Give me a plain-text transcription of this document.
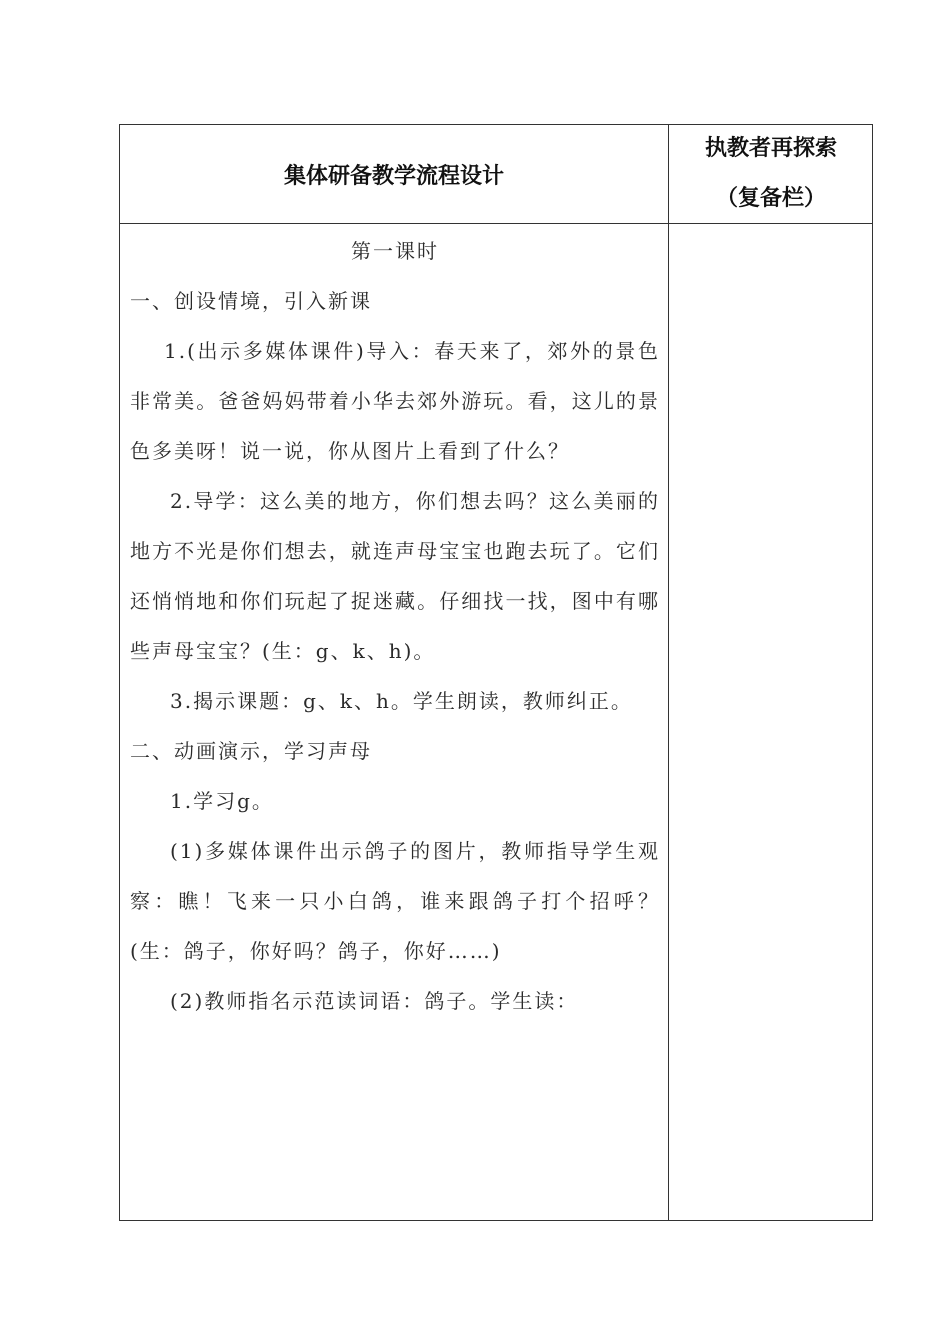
集体研备教学流程设计
执教者再探索
（复备栏）

第一课时

一、创设情境，引入新课

1.(出示多媒体课件)导入：春天来了，郊外的景色非常美。爸爸妈妈带着小华去郊外游玩。看，这儿的景色多美呀！说一说，你从图片上看到了什么？

2.导学：这么美的地方，你们想去吗？这么美丽的地方不光是你们想去，就连声母宝宝也跑去玩了。它们还悄悄地和你们玩起了捉迷藏。仔细找一找，图中有哪些声母宝宝？(生：g、k、h)。

3.揭示课题：g、k、h。学生朗读，教师纠正。

二、动画演示，学习声母

1.学习g。

(1)多媒体课件出示鸽子的图片，教师指导学生观察：瞧！飞来一只小白鸽，谁来跟鸽子打个招呼？(生：鸽子，你好吗？鸽子，你好……)

(2)教师指名示范读词语：鸽子。学生读：
